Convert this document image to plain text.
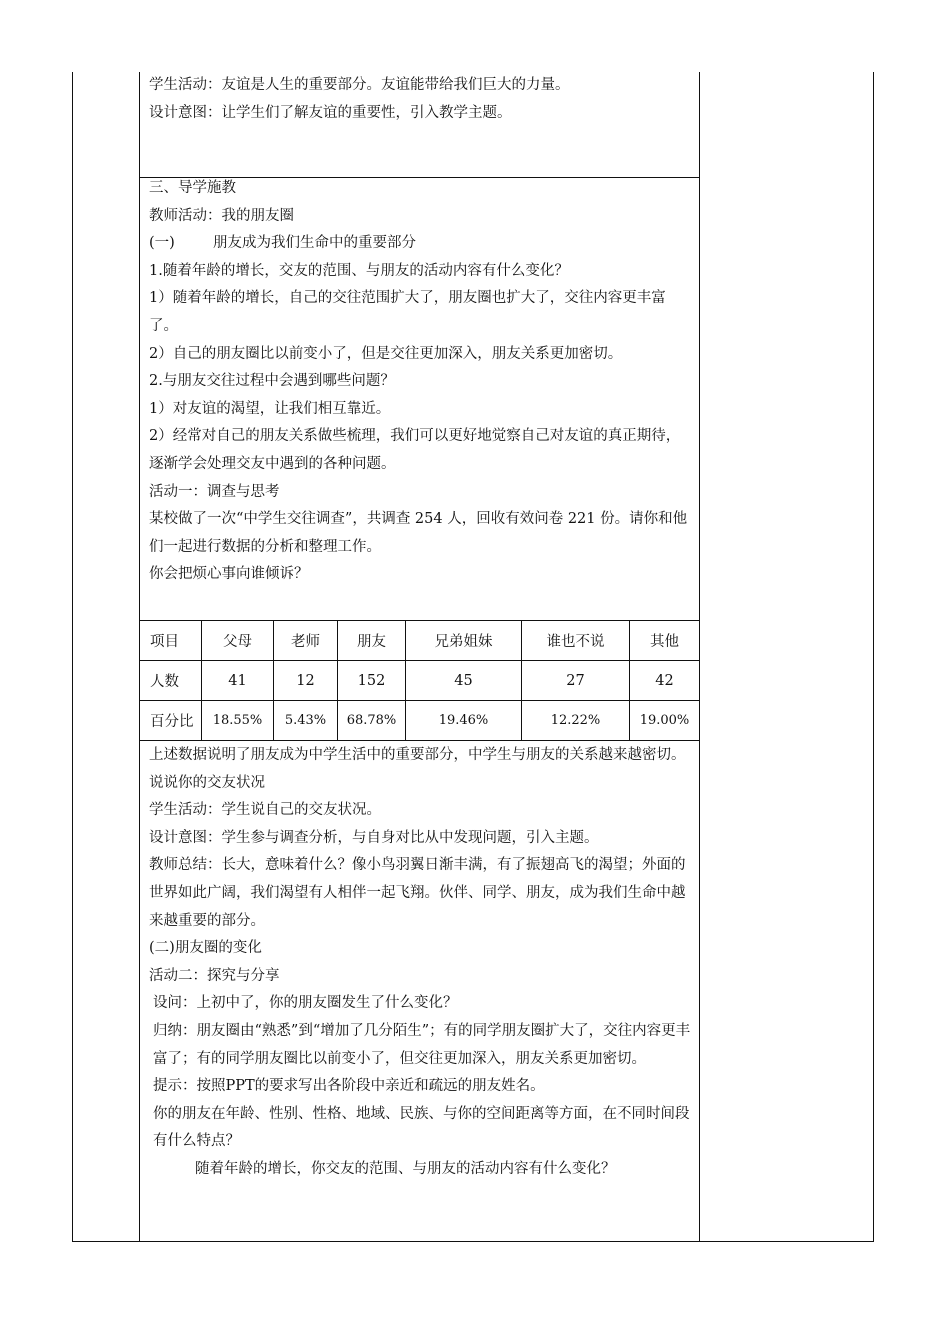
学生活动：友谊是人生的重要部分。友谊能带给我们巨大的力量。

设计意图：让学生们了解友谊的重要性，引入教学主题。

三、导学施教

教师活动：我的朋友圈

(一)	朋友成为我们生命中的重要部分

1.随着年龄的增长，交友的范围、与朋友的活动内容有什么变化？

1）随着年龄的增长，自己的交往范围扩大了，朋友圈也扩大了，交往内容更丰富了。

2）自己的朋友圈比以前变小了，但是交往更加深入，朋友关系更加密切。

2.与朋友交往过程中会遇到哪些问题？

1）对友谊的渴望，让我们相互靠近。

2）经常对自己的朋友关系做些梳理，我们可以更好地觉察自己对友谊的真正期待，逐渐学会处理交友中遇到的各种问题。

活动一：调查与思考

某校做了一次“中学生交往调查”，共调查 254 人，回收有效问卷 221 份。请你和他们一起进行数据的分析和整理工作。

你会把烦心事向谁倾诉？

项目	父母	老师	朋友	兄弟姐妹	谁也不说	其他
人数	41	12	152	45	27	42
百分比	18.55%	5.43%	68.78%	19.46%	12.22%	19.00%

上述数据说明了朋友成为中学生活中的重要部分，中学生与朋友的关系越来越密切。说说你的交友状况

学生活动：学生说自己的交友状况。

设计意图：学生参与调查分析，与自身对比从中发现问题，引入主题。

教师总结：长大，意味着什么？像小鸟羽翼日渐丰满，有了振翅高飞的渴望；外面的世界如此广阔，我们渴望有人相伴一起飞翔。伙伴、同学、朋友，成为我们生命中越来越重要的部分。

(二)朋友圈的变化

活动二：探究与分享

设问：上初中了，你的朋友圈发生了什么变化？

归纳：朋友圈由“熟悉”到“增加了几分陌生”；有的同学朋友圈扩大了，交往内容更丰富了；有的同学朋友圈比以前变小了，但交往更加深入，朋友关系更加密切。

提示：按照PPT的要求写出各阶段中亲近和疏远的朋友姓名。

你的朋友在年龄、性别、性格、地域、民族、与你的空间距离等方面，在不同时间段有什么特点？

随着年龄的增长，你交友的范围、与朋友的活动内容有什么变化？
